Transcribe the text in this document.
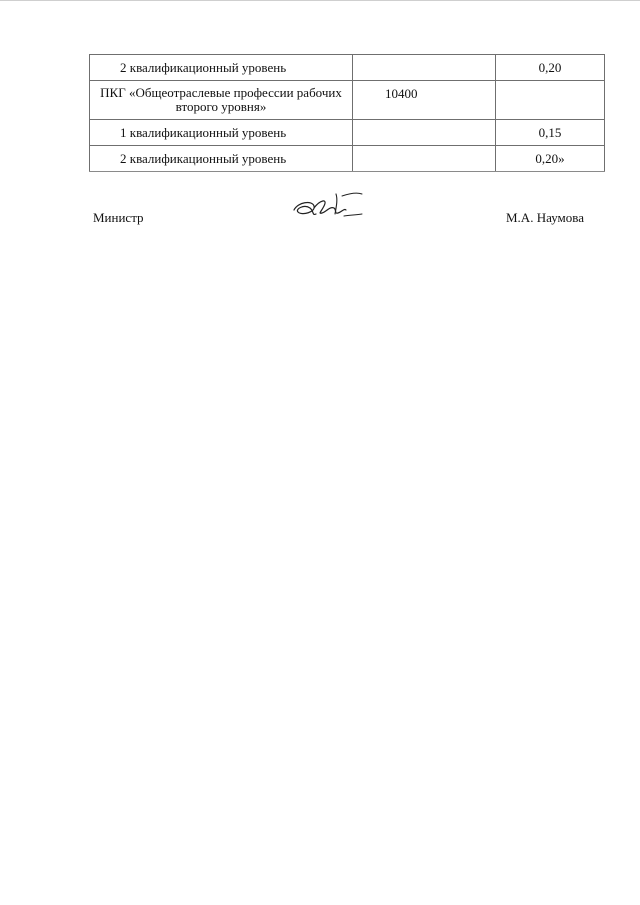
2 квалификационный уровень		0,20

ПКГ «Общеотраслевые профессии рабочих второго уровня»	10400	

1 квалификационный уровень		0,15

2 квалификационный уровень		0,20»
Министр	М.А. Наумова
